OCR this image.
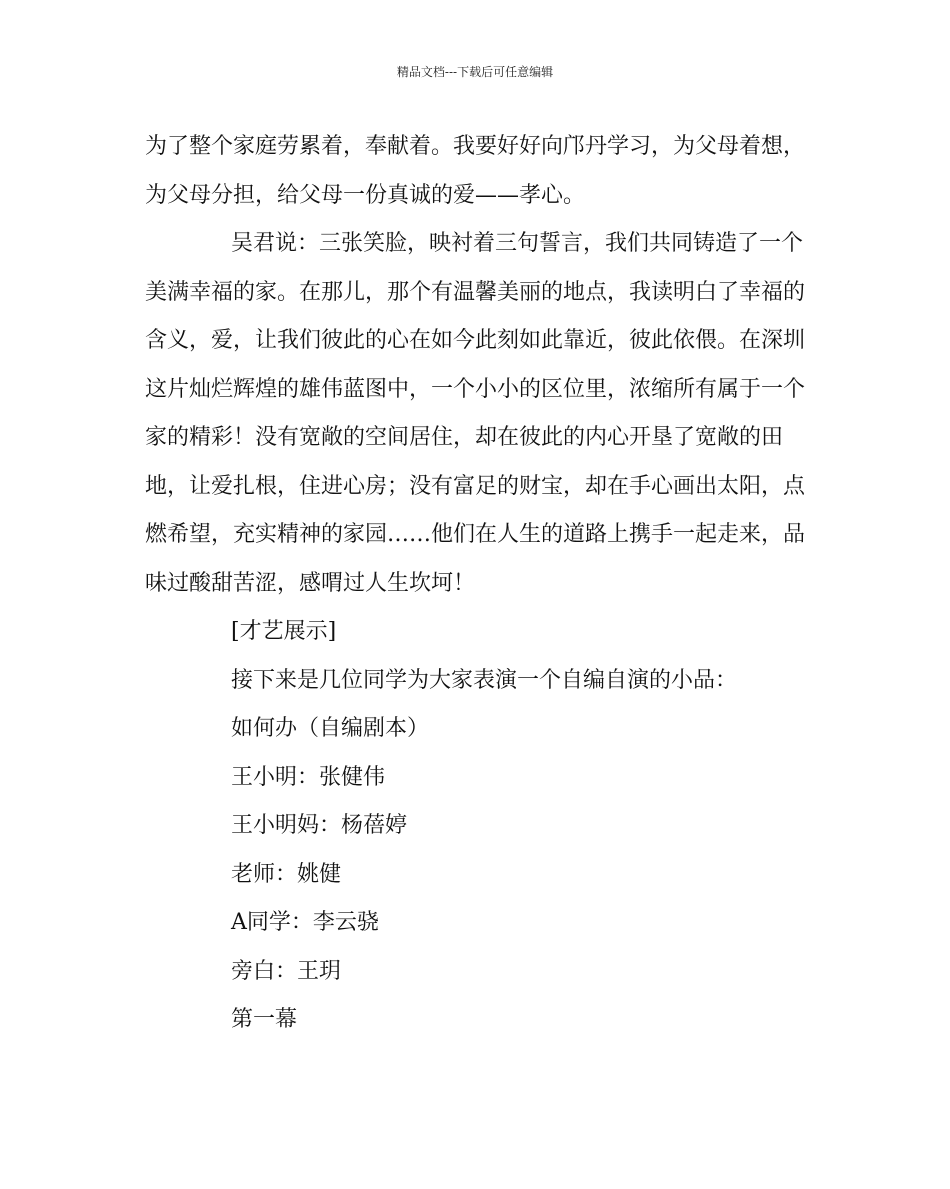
精品文档---下载后可任意编辑
为了整个家庭劳累着，奉献着。我要好好向邝丹学习，为父母着想，
为父母分担，给父母一份真诚的爱——孝心。
吴君说：三张笑脸，映衬着三句誓言，我们共同铸造了一个
美满幸福的家。在那儿，那个有温馨美丽的地点，我读明白了幸福的
含义，爱，让我们彼此的心在如今此刻如此靠近，彼此依偎。在深圳
这片灿烂辉煌的雄伟蓝图中，一个小小的区位里，浓缩所有属于一个
家的精彩！没有宽敞的空间居住，却在彼此的内心开垦了宽敞的田
地，让爱扎根，住进心房；没有富足的财宝，却在手心画出太阳，点
燃希望，充实精神的家园……他们在人生的道路上携手一起走来，品
味过酸甜苦涩，感喟过人生坎坷！
[才艺展示]
接下来是几位同学为大家表演一个自编自演的小品：
如何办（自编剧本）
王小明：张健伟
王小明妈：杨蓓婷
老师：姚健
A同学：李云骁
旁白：王玥
第一幕
